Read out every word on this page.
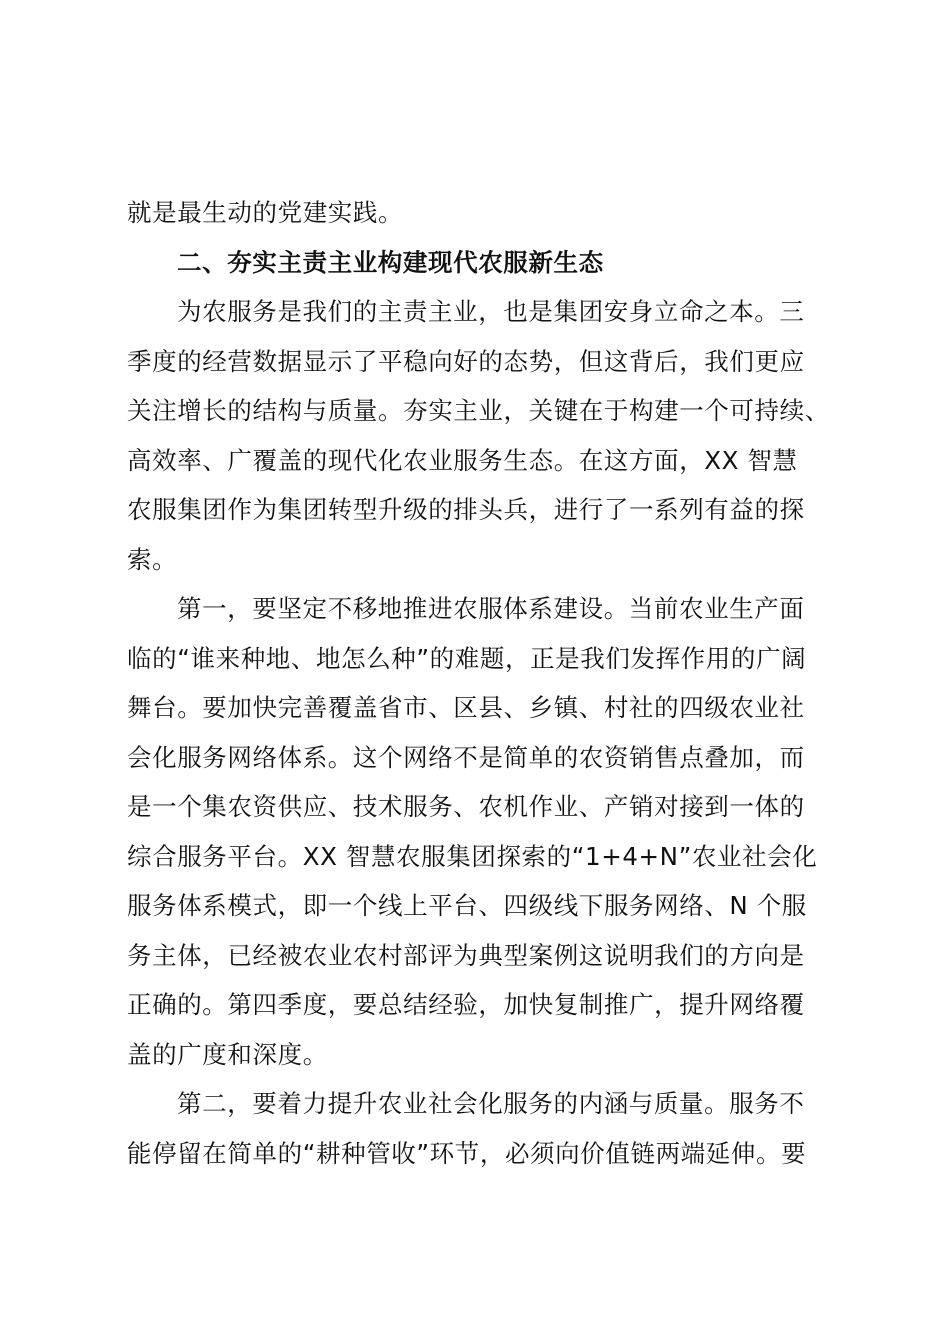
就是最生动的党建实践。
二、夯实主责主业构建现代农服新生态
为农服务是我们的主责主业，也是集团安身立命之本。三
季度的经营数据显示了平稳向好的态势，但这背后，我们更应
关注增长的结构与质量。夯实主业，关键在于构建一个可持续、
高效率、广覆盖的现代化农业服务生态。在这方面，XX 智慧
农服集团作为集团转型升级的排头兵，进行了一系列有益的探
索。
第一，要坚定不移地推进农服体系建设。当前农业生产面
临的“谁来种地、地怎么种”的难题，正是我们发挥作用的广阔
舞台。要加快完善覆盖省市、区县、乡镇、村社的四级农业社
会化服务网络体系。这个网络不是简单的农资销售点叠加，而
是一个集农资供应、技术服务、农机作业、产销对接到一体的
综合服务平台。XX 智慧农服集团探索的“1+4+N”农业社会化
服务体系模式，即一个线上平台、四级线下服务网络、N 个服
务主体，已经被农业农村部评为典型案例这说明我们的方向是
正确的。第四季度，要总结经验，加快复制推广，提升网络覆
盖的广度和深度。
第二，要着力提升农业社会化服务的内涵与质量。服务不
能停留在简单的“耕种管收”环节，必须向价值链两端延伸。要
